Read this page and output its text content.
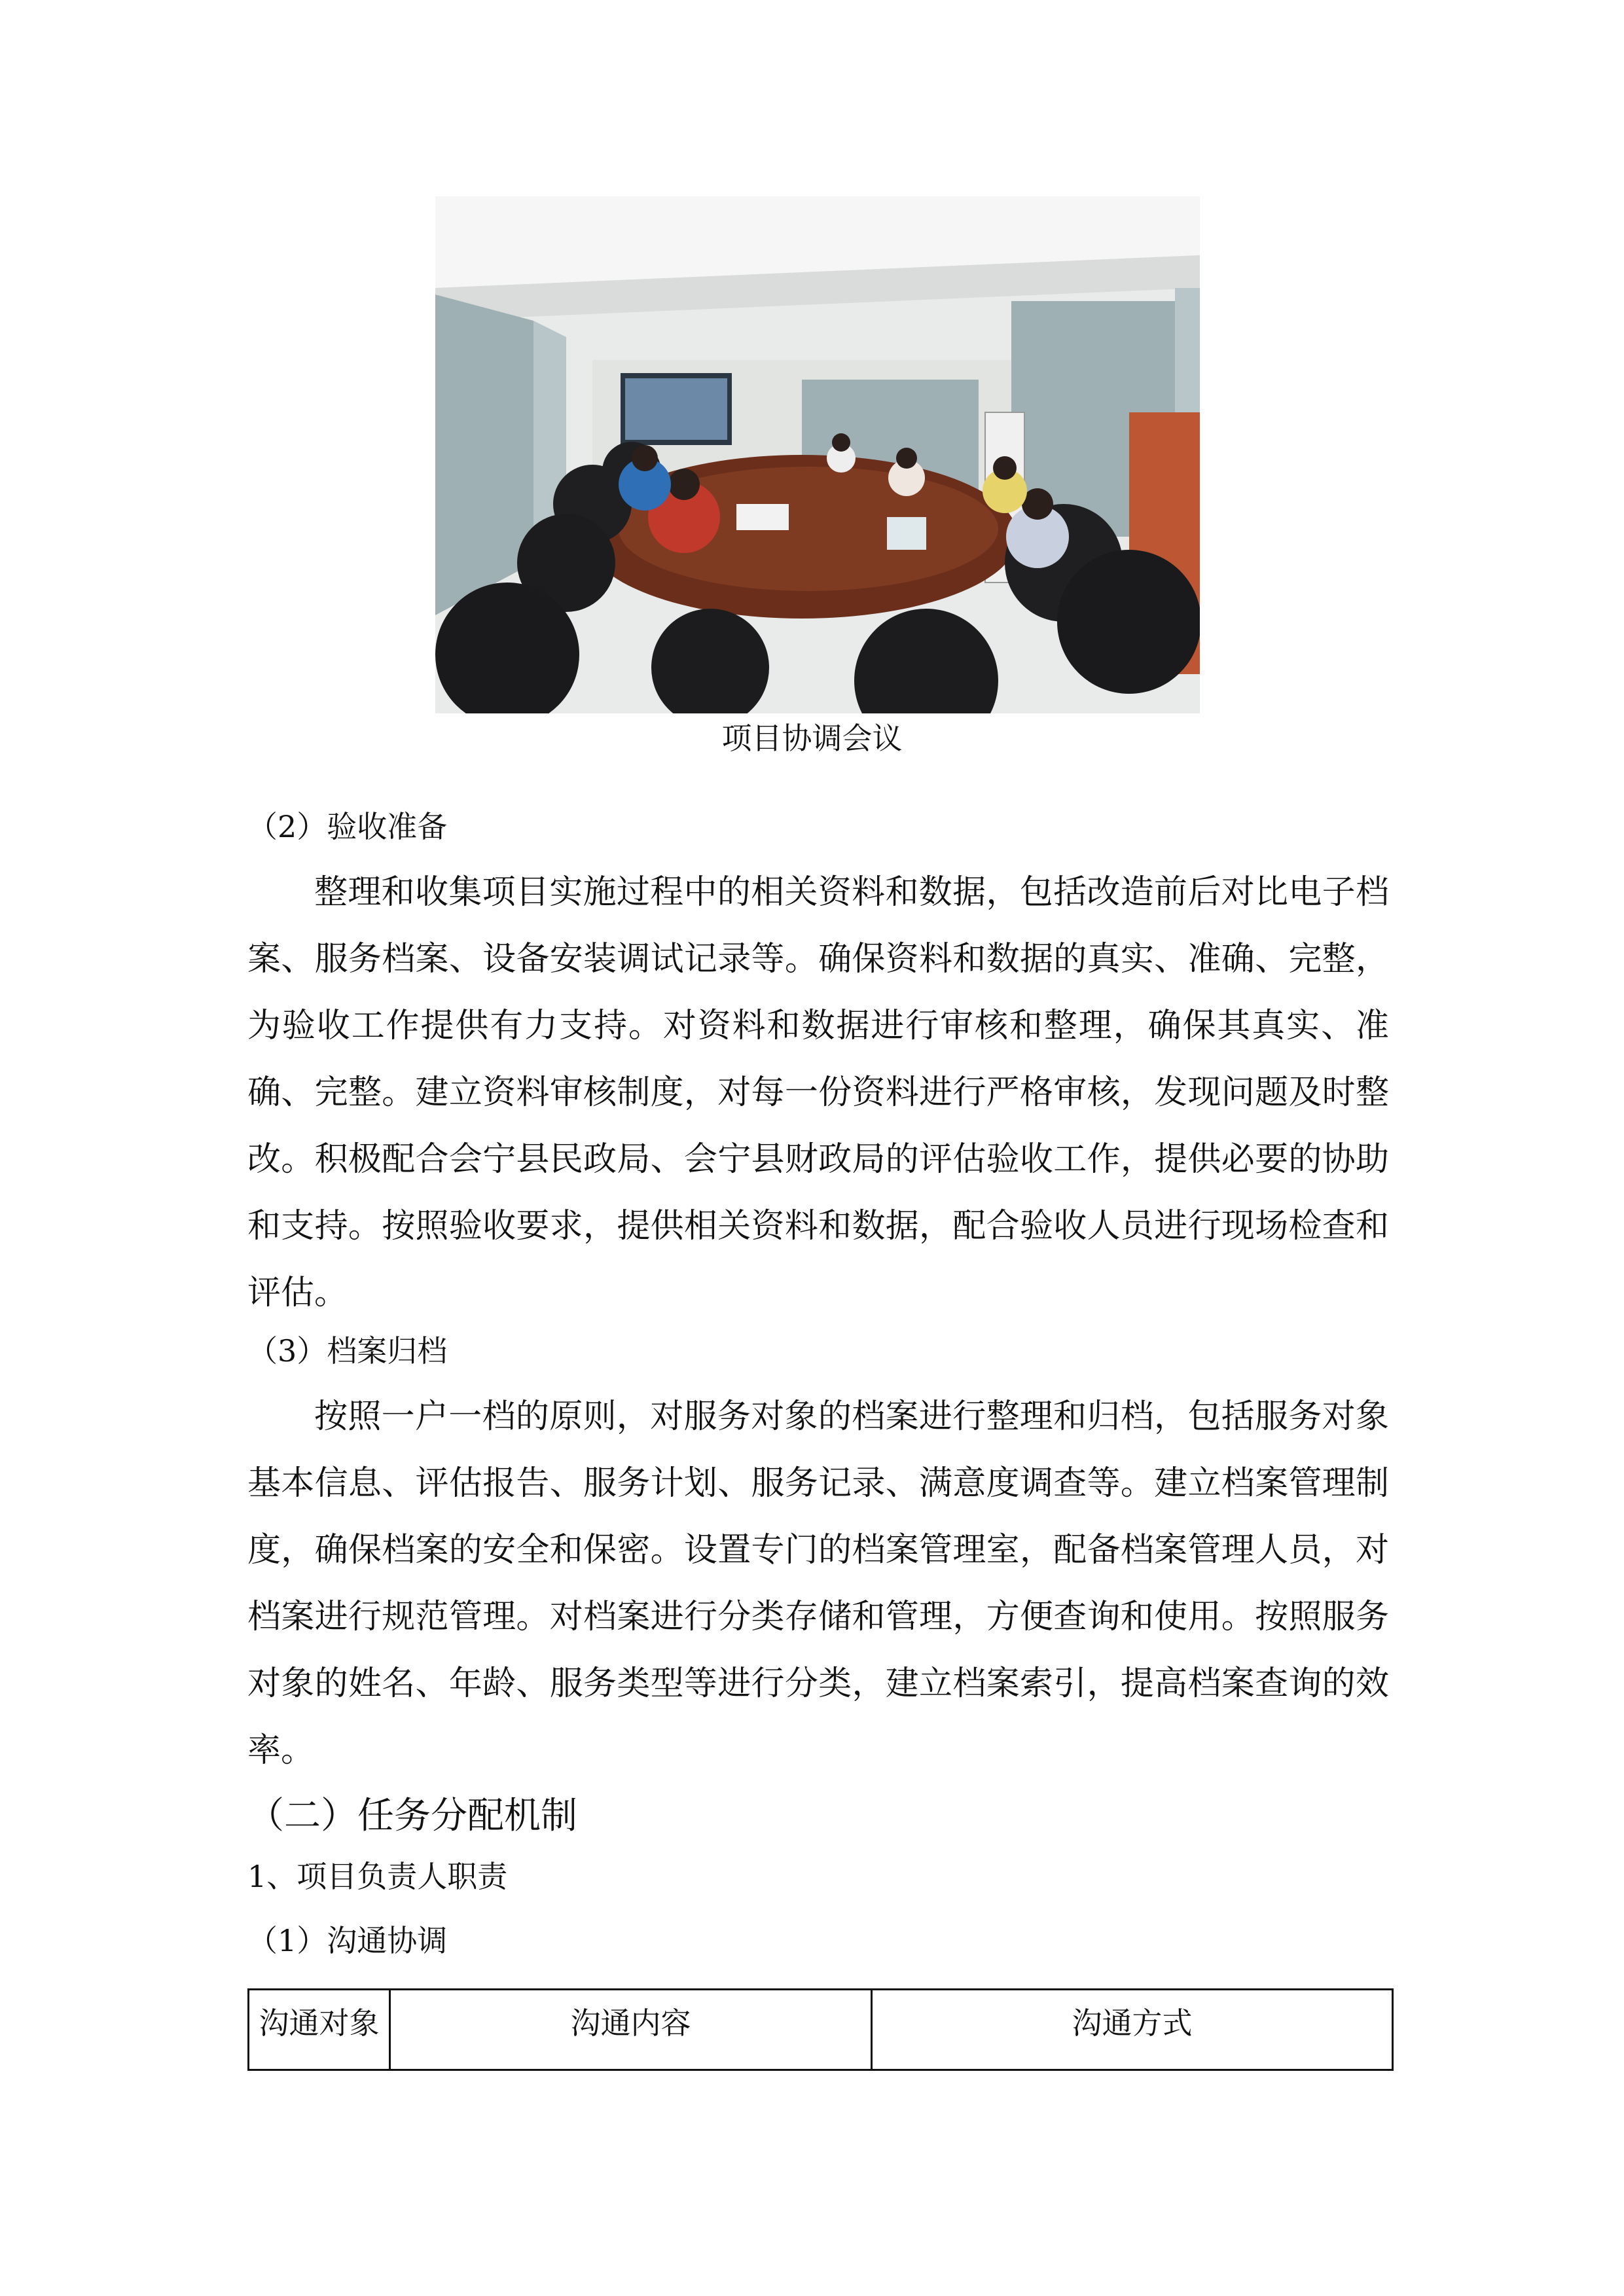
项目协调会议
（2）验收准备

整理和收集项目实施过程中的相关资料和数据，包括改造前后对比电子档案、服务档案、设备安装调试记录等。确保资料和数据的真实、准确、完整，为验收工作提供有力支持。对资料和数据进行审核和整理，确保其真实、准确、完整。建立资料审核制度，对每一份资料进行严格审核，发现问题及时整改。积极配合会宁县民政局、会宁县财政局的评估验收工作，提供必要的协助和支持。按照验收要求，提供相关资料和数据，配合验收人员进行现场检查和评估。

（3）档案归档

按照一户一档的原则，对服务对象的档案进行整理和归档，包括服务对象基本信息、评估报告、服务计划、服务记录、满意度调查等。建立档案管理制度，确保档案的安全和保密。设置专门的档案管理室，配备档案管理人员，对档案进行规范管理。对档案进行分类存储和管理，方便查询和使用。按照服务对象的姓名、年龄、服务类型等进行分类，建立档案索引，提高档案查询的效率。

（二）任务分配机制
1、项目负责人职责
（1）沟通协调
沟通对象	沟通内容	沟通方式
